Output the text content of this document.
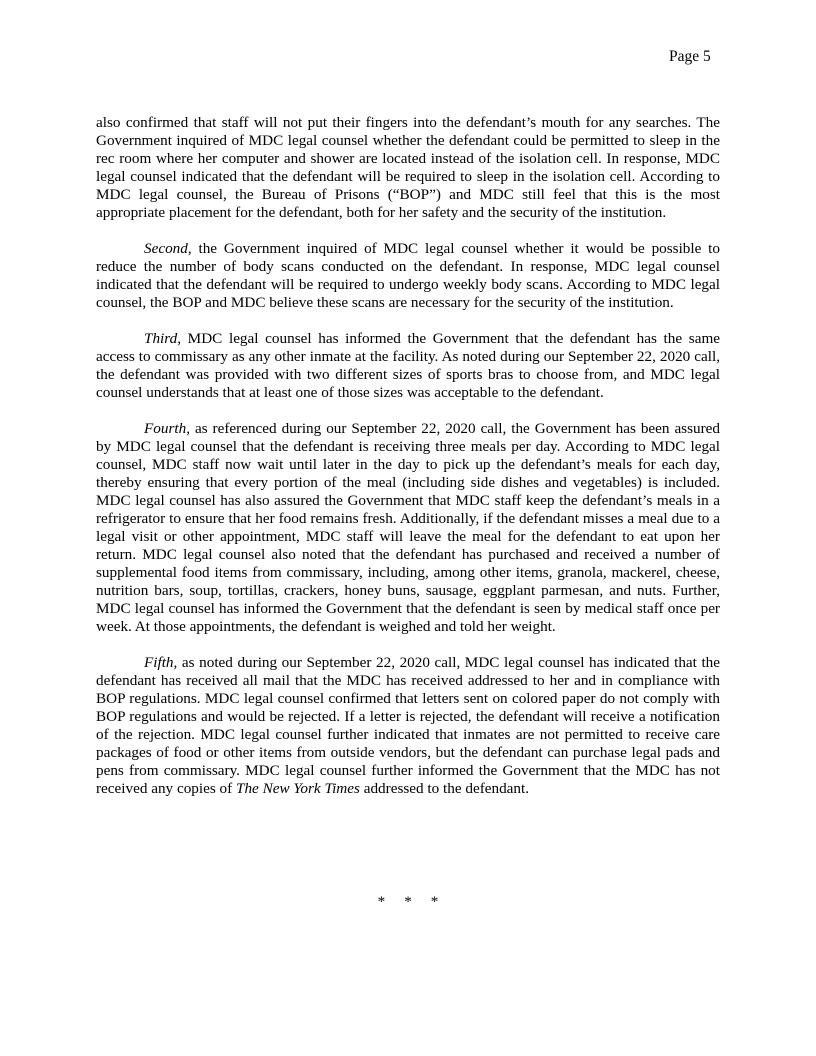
Page 5

also confirmed that staff will not put their fingers into the defendant’s mouth for any searches. The Government inquired of MDC legal counsel whether the defendant could be permitted to sleep in the rec room where her computer and shower are located instead of the isolation cell. In response, MDC legal counsel indicated that the defendant will be required to sleep in the isolation cell. According to MDC legal counsel, the Bureau of Prisons (“BOP”) and MDC still feel that this is the most appropriate placement for the defendant, both for her safety and the security of the institution.

Second, the Government inquired of MDC legal counsel whether it would be possible to reduce the number of body scans conducted on the defendant. In response, MDC legal counsel indicated that the defendant will be required to undergo weekly body scans. According to MDC legal counsel, the BOP and MDC believe these scans are necessary for the security of the institution.

Third, MDC legal counsel has informed the Government that the defendant has the same access to commissary as any other inmate at the facility. As noted during our September 22, 2020 call, the defendant was provided with two different sizes of sports bras to choose from, and MDC legal counsel understands that at least one of those sizes was acceptable to the defendant.

Fourth, as referenced during our September 22, 2020 call, the Government has been assured by MDC legal counsel that the defendant is receiving three meals per day. According to MDC legal counsel, MDC staff now wait until later in the day to pick up the defendant’s meals for each day, thereby ensuring that every portion of the meal (including side dishes and vegetables) is included. MDC legal counsel has also assured the Government that MDC staff keep the defendant’s meals in a refrigerator to ensure that her food remains fresh. Additionally, if the defendant misses a meal due to a legal visit or other appointment, MDC staff will leave the meal for the defendant to eat upon her return. MDC legal counsel also noted that the defendant has purchased and received a number of supplemental food items from commissary, including, among other items, granola, mackerel, cheese, nutrition bars, soup, tortillas, crackers, honey buns, sausage, eggplant parmesan, and nuts. Further, MDC legal counsel has informed the Government that the defendant is seen by medical staff once per week. At those appointments, the defendant is weighed and told her weight.

Fifth, as noted during our September 22, 2020 call, MDC legal counsel has indicated that the defendant has received all mail that the MDC has received addressed to her and in compliance with BOP regulations. MDC legal counsel confirmed that letters sent on colored paper do not comply with BOP regulations and would be rejected. If a letter is rejected, the defendant will receive a notification of the rejection. MDC legal counsel further indicated that inmates are not permitted to receive care packages of food or other items from outside vendors, but the defendant can purchase legal pads and pens from commissary. MDC legal counsel further informed the Government that the MDC has not received any copies of The New York Times addressed to the defendant.

*     *     *
